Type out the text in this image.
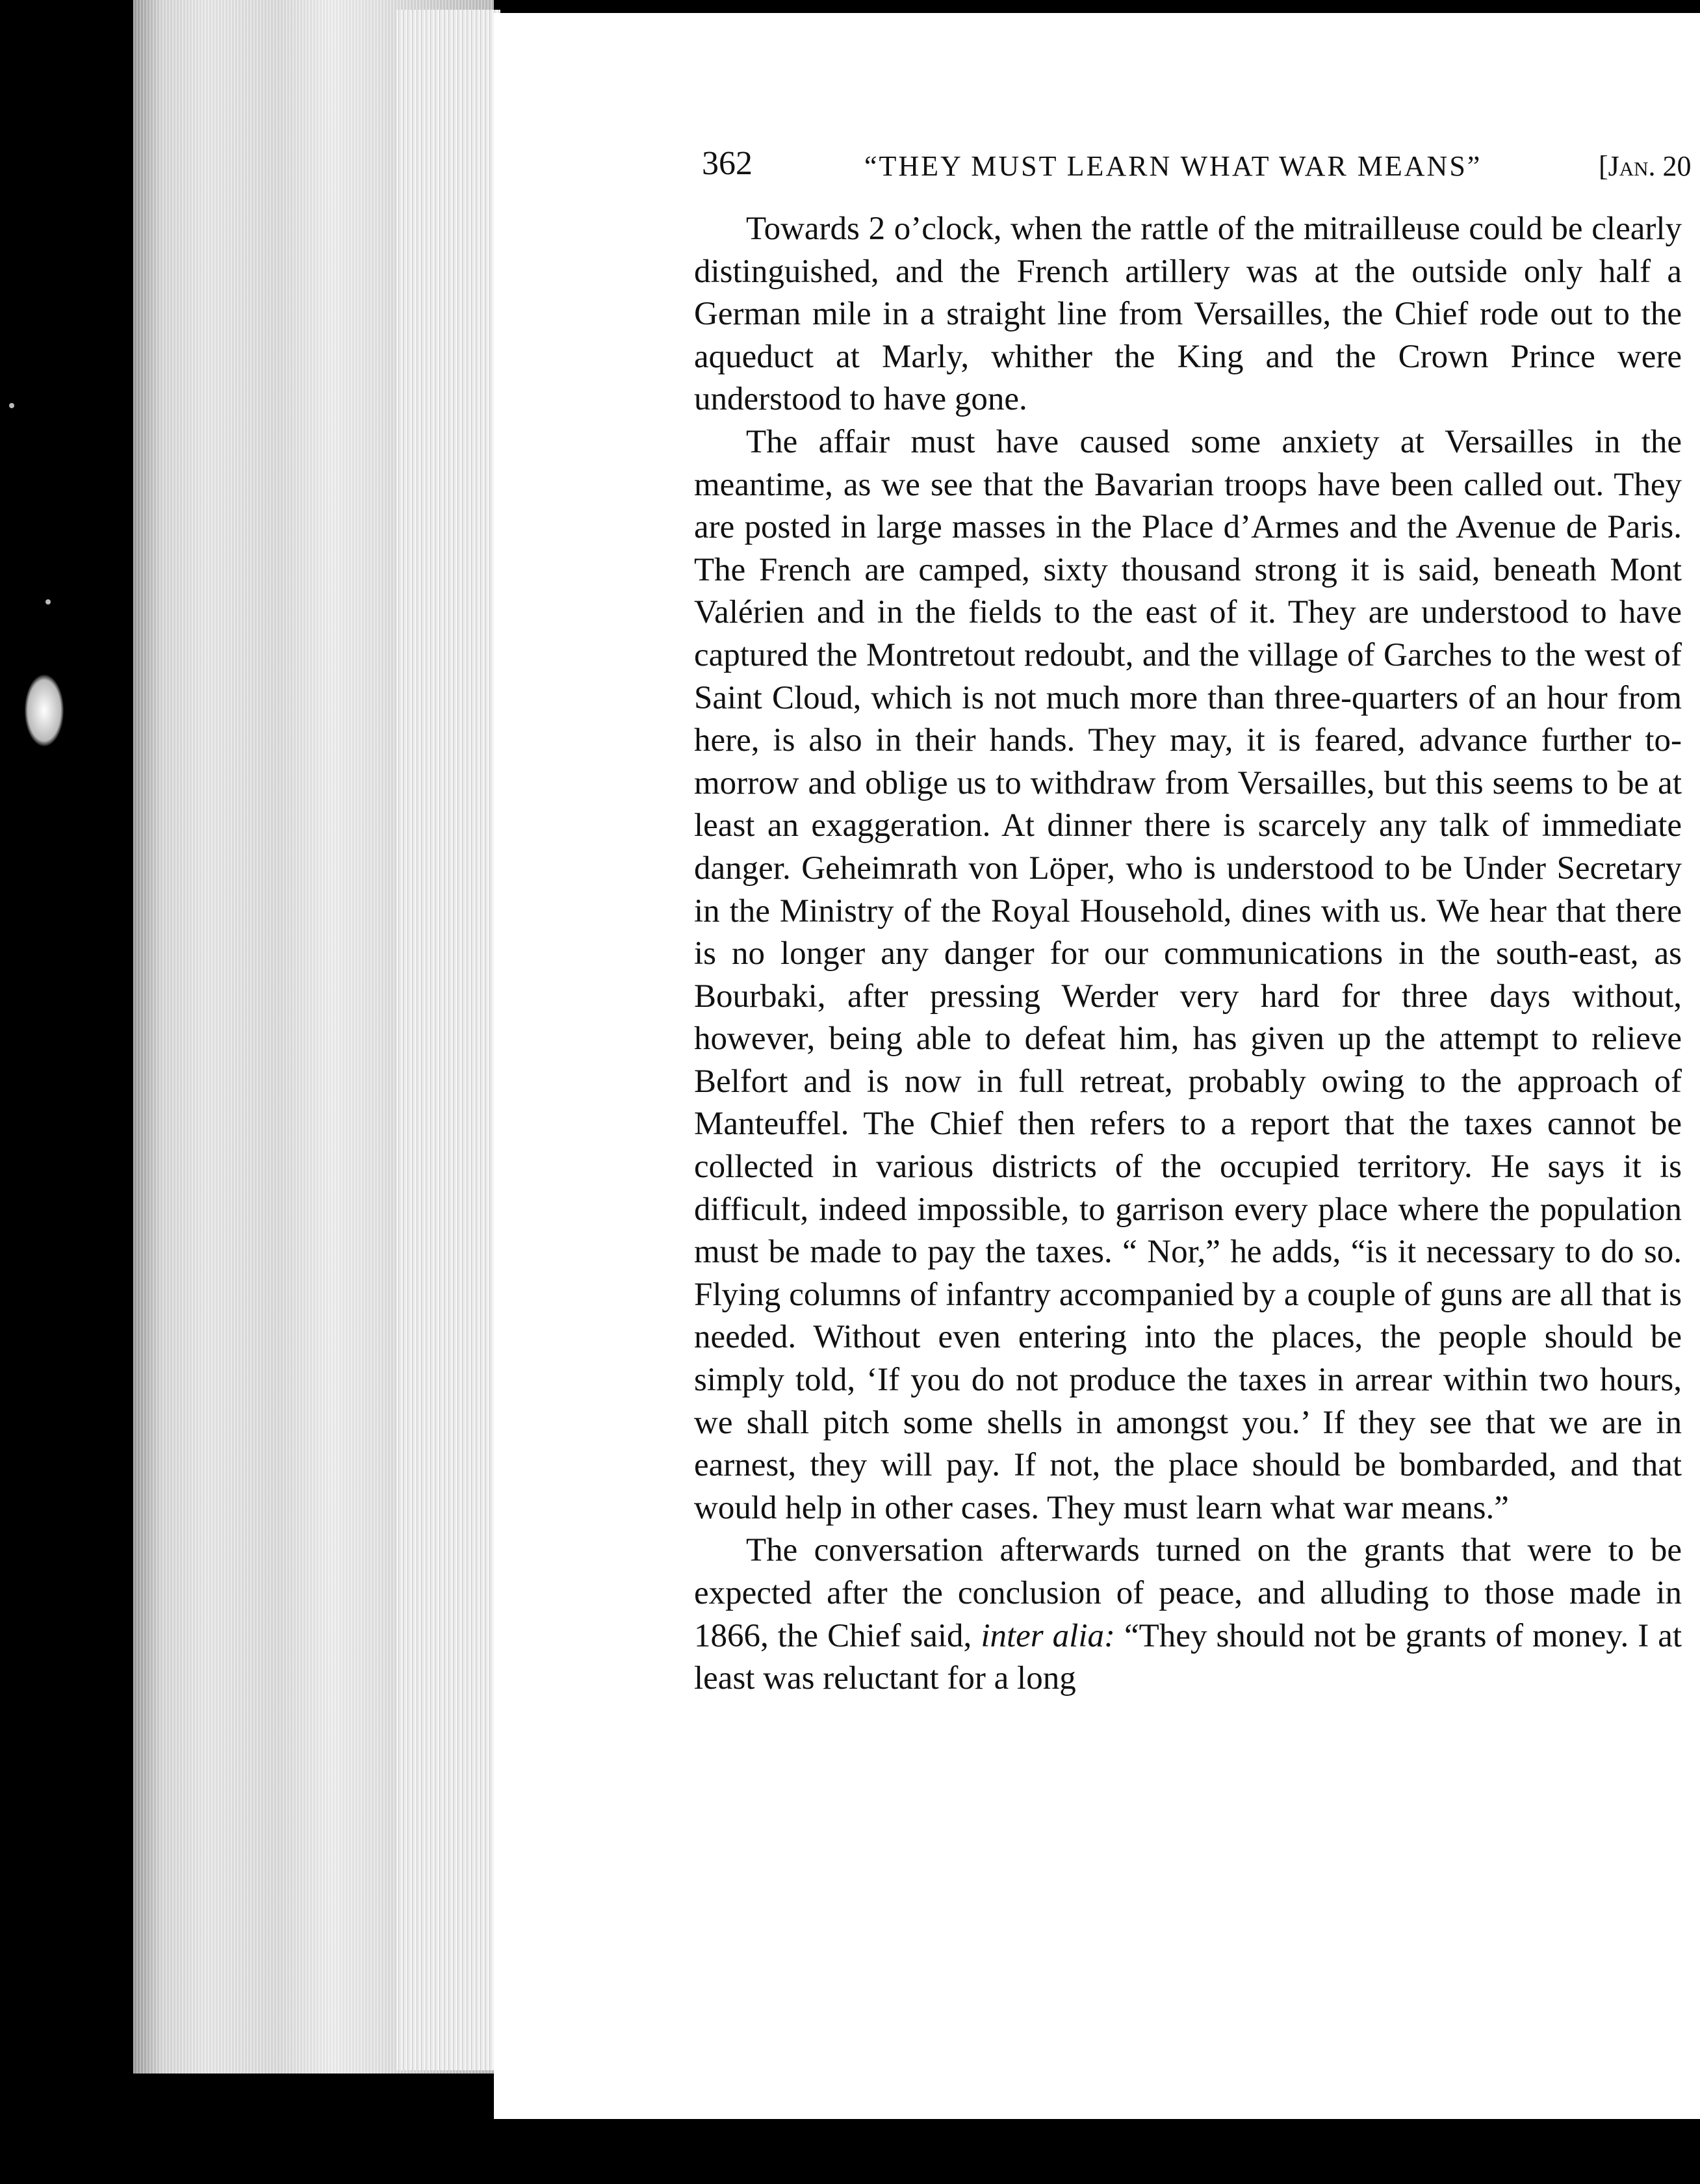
362	“THEY MUST LEARN WHAT WAR MEANS”	[Jan. 20

Towards 2 o’clock, when the rattle of the mitrailleuse could be clearly distinguished, and the French artillery was at the outside only half a German mile in a straight line from Versailles, the Chief rode out to the aqueduct at Marly, whither the King and the Crown Prince were understood to have gone.

The affair must have caused some anxiety at Versailles in the meantime, as we see that the Bavarian troops have been called out. They are posted in large masses in the Place d’Armes and the Avenue de Paris. The French are camped, sixty thousand strong it is said, beneath Mont Valérien and in the fields to the east of it. They are understood to have captured the Montretout redoubt, and the village of Garches to the west of Saint Cloud, which is not much more than three-quarters of an hour from here, is also in their hands. They may, it is feared, advance further to-morrow and oblige us to withdraw from Versailles, but this seems to be at least an exaggeration. At dinner there is scarcely any talk of immediate danger. Geheimrath von Löper, who is understood to be Under Secretary in the Ministry of the Royal Household, dines with us. We hear that there is no longer any danger for our communications in the south-east, as Bourbaki, after pressing Werder very hard for three days without, however, being able to defeat him, has given up the attempt to relieve Belfort and is now in full retreat, probably owing to the approach of Manteuffel. The Chief then refers to a report that the taxes cannot be collected in various districts of the occupied territory. He says it is difficult, indeed impossible, to garrison every place where the population must be made to pay the taxes. “ Nor,” he adds, “is it necessary to do so. Flying columns of infantry accompanied by a couple of guns are all that is needed. Without even entering into the places, the people should be simply told, ‘If you do not produce the taxes in arrear within two hours, we shall pitch some shells in amongst you.’ If they see that we are in earnest, they will pay. If not, the place should be bombarded, and that would help in other cases. They must learn what war means.”

The conversation afterwards turned on the grants that were to be expected after the conclusion of peace, and alluding to those made in 1866, the Chief said, inter alia: “They should not be grants of money. I at least was reluctant for a long
